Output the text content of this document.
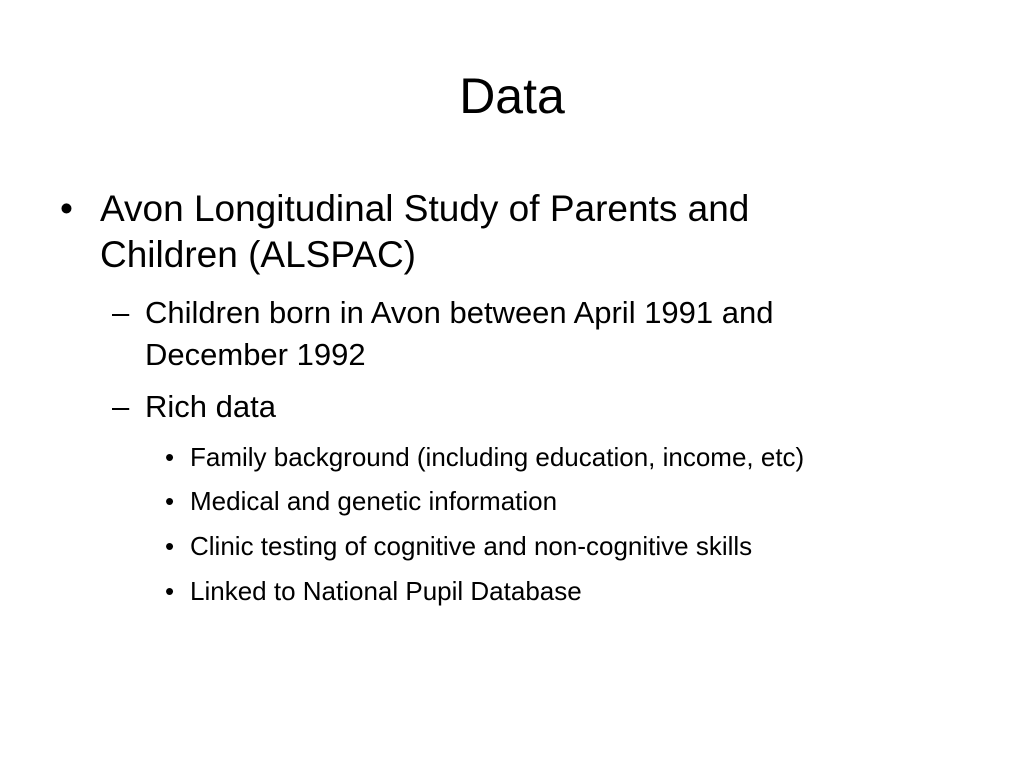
Data
• Avon Longitudinal Study of Parents and
Children (ALSPAC)
– Children born in Avon between April 1991 and
December 1992
– Rich data
• Family background (including education, income, etc)
• Medical and genetic information
• Clinic testing of cognitive and non-cognitive skills
• Linked to National Pupil Database
